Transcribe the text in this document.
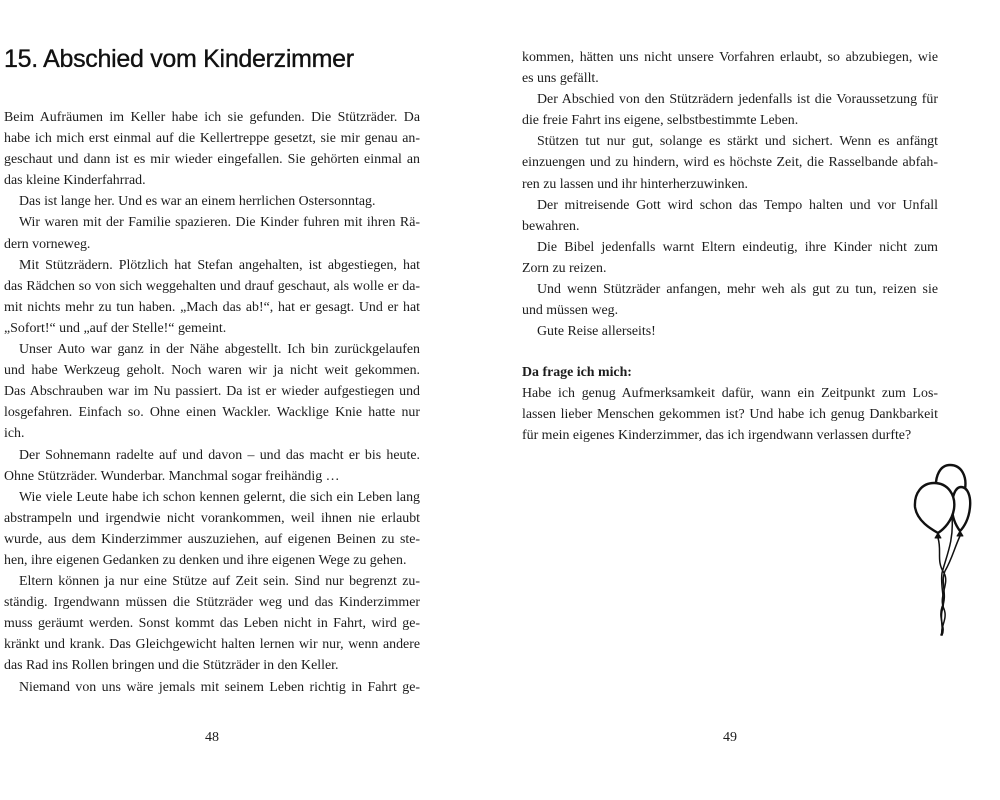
15. Abschied vom Kinderzimmer
Beim Aufräumen im Keller habe ich sie gefunden. Die Stützräder. Da
habe ich mich erst einmal auf die Kellertreppe gesetzt, sie mir genau an-
geschaut und dann ist es mir wieder eingefallen. Sie gehörten einmal an
das kleine Kinderfahrrad.
Das ist lange her. Und es war an einem herrlichen Ostersonntag.
Wir waren mit der Familie spazieren. Die Kinder fuhren mit ihren Rä-
dern vorneweg.
Mit Stützrädern. Plötzlich hat Stefan angehalten, ist abgestiegen, hat
das Rädchen so von sich weggehalten und drauf geschaut, als wolle er da-
mit nichts mehr zu tun haben. „Mach das ab!“, hat er gesagt. Und er hat
„Sofort!“ und „auf der Stelle!“ gemeint.
Unser Auto war ganz in der Nähe abgestellt. Ich bin zurückgelaufen
und habe Werkzeug geholt. Noch waren wir ja nicht weit gekommen.
Das Abschrauben war im Nu passiert. Da ist er wieder aufgestiegen und
losgefahren. Einfach so. Ohne einen Wackler. Wacklige Knie hatte nur
ich.
Der Sohnemann radelte auf und davon – und das macht er bis heute.
Ohne Stützräder. Wunderbar. Manchmal sogar freihändig …
Wie viele Leute habe ich schon kennen gelernt, die sich ein Leben lang
abstrampeln und irgendwie nicht vorankommen, weil ihnen nie erlaubt
wurde, aus dem Kinderzimmer auszuziehen, auf eigenen Beinen zu ste-
hen, ihre eigenen Gedanken zu denken und ihre eigenen Wege zu gehen.
Eltern können ja nur eine Stütze auf Zeit sein. Sind nur begrenzt zu-
ständig. Irgendwann müssen die Stützräder weg und das Kinderzimmer
muss geräumt werden. Sonst kommt das Leben nicht in Fahrt, wird ge-
kränkt und krank. Das Gleichgewicht halten lernen wir nur, wenn andere
das Rad ins Rollen bringen und die Stützräder in den Keller.
Niemand von uns wäre jemals mit seinem Leben richtig in Fahrt ge-
48
kommen, hätten uns nicht unsere Vorfahren erlaubt, so abzubiegen, wie
es uns gefällt.
Der Abschied von den Stützrädern jedenfalls ist die Voraussetzung für
die freie Fahrt ins eigene, selbstbestimmte Leben.
Stützen tut nur gut, solange es stärkt und sichert. Wenn es anfängt
einzuengen und zu hindern, wird es höchste Zeit, die Rasselbande abfah-
ren zu lassen und ihr hinterherzuwinken.
Der mitreisende Gott wird schon das Tempo halten und vor Unfall
bewahren.
Die Bibel jedenfalls warnt Eltern eindeutig, ihre Kinder nicht zum
Zorn zu reizen.
Und wenn Stützräder anfangen, mehr weh als gut zu tun, reizen sie
und müssen weg.
Gute Reise allerseits!
Da frage ich mich:
Habe ich genug Aufmerksamkeit dafür, wann ein Zeitpunkt zum Los-
lassen lieber Menschen gekommen ist? Und habe ich genug Dankbarkeit
für mein eigenes Kinderzimmer, das ich irgendwann verlassen durfte?
49
